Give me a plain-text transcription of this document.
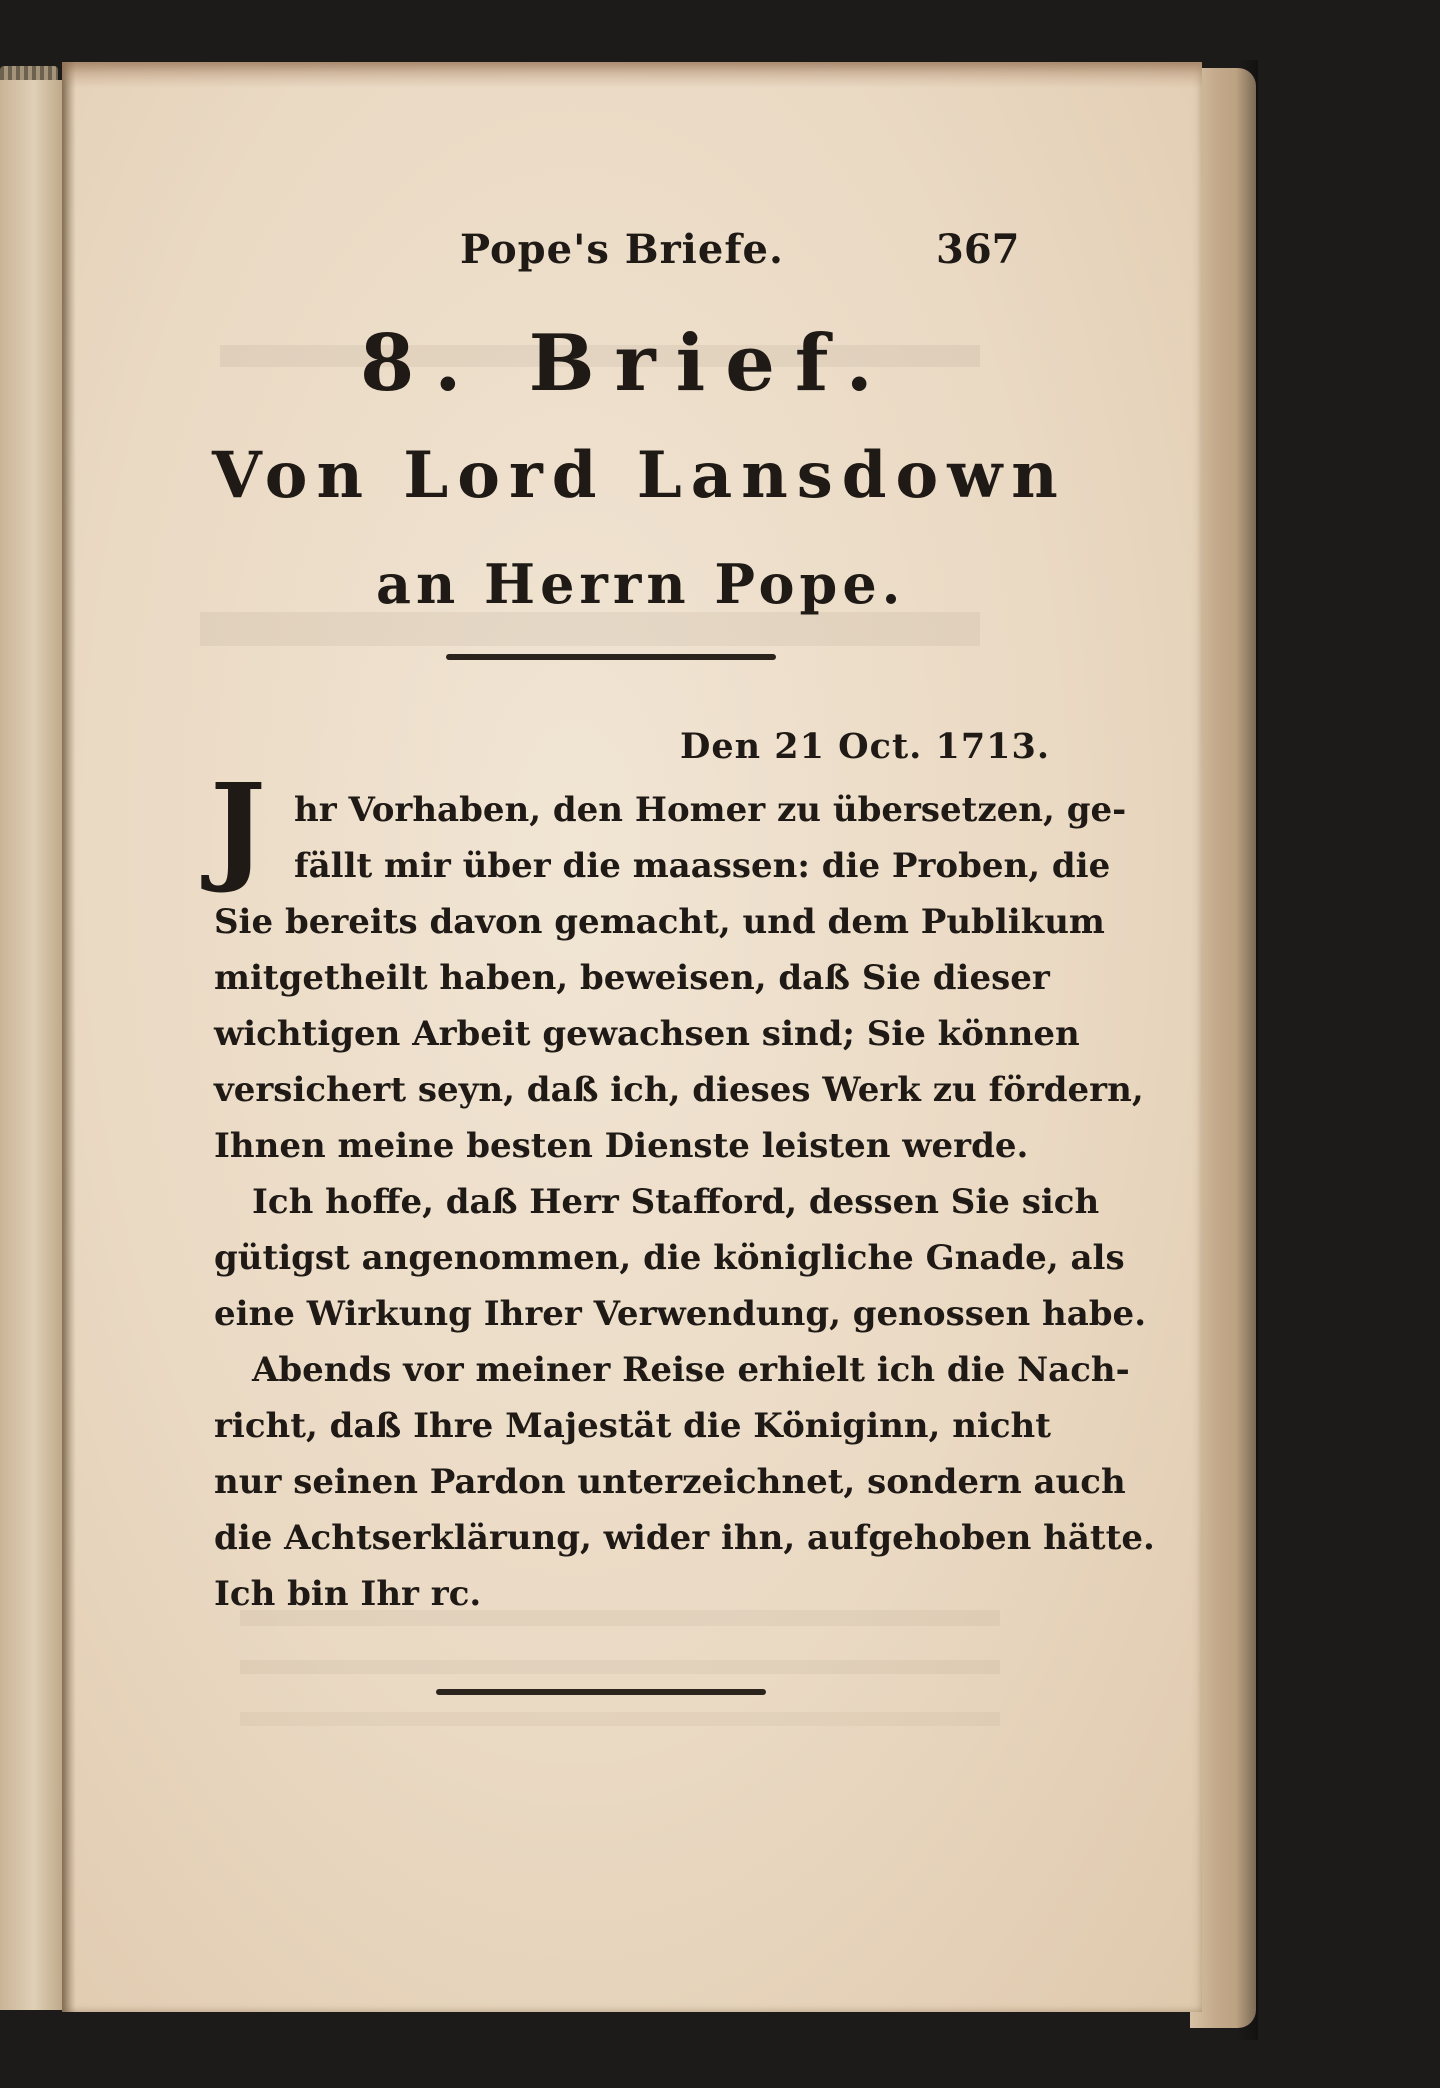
Pope's Briefe.	367
8. Brief.
Von Lord Lansdown
an Herrn Pope.
Den 21 Oct. 1713.
J hr Vorhaben, den Homer zu übersetzen, ge-
fällt mir über die maassen: die Proben, die
Sie bereits davon gemacht, und dem Publikum
mitgetheilt haben, beweisen, daß Sie dieser
wichtigen Arbeit gewachsen sind; Sie können
versichert seyn, daß ich, dieses Werk zu fördern,
Ihnen meine besten Dienste leisten werde.
Ich hoffe, daß Herr Stafford, dessen Sie sich
gütigst angenommen, die königliche Gnade, als
eine Wirkung Ihrer Verwendung, genossen habe.
Abends vor meiner Reise erhielt ich die Nach-
richt, daß Ihre Majestät die Königinn, nicht
nur seinen Pardon unterzeichnet, sondern auch
die Achtserklärung, wider ihn, aufgehoben hätte.
Ich bin Ihr rc.
